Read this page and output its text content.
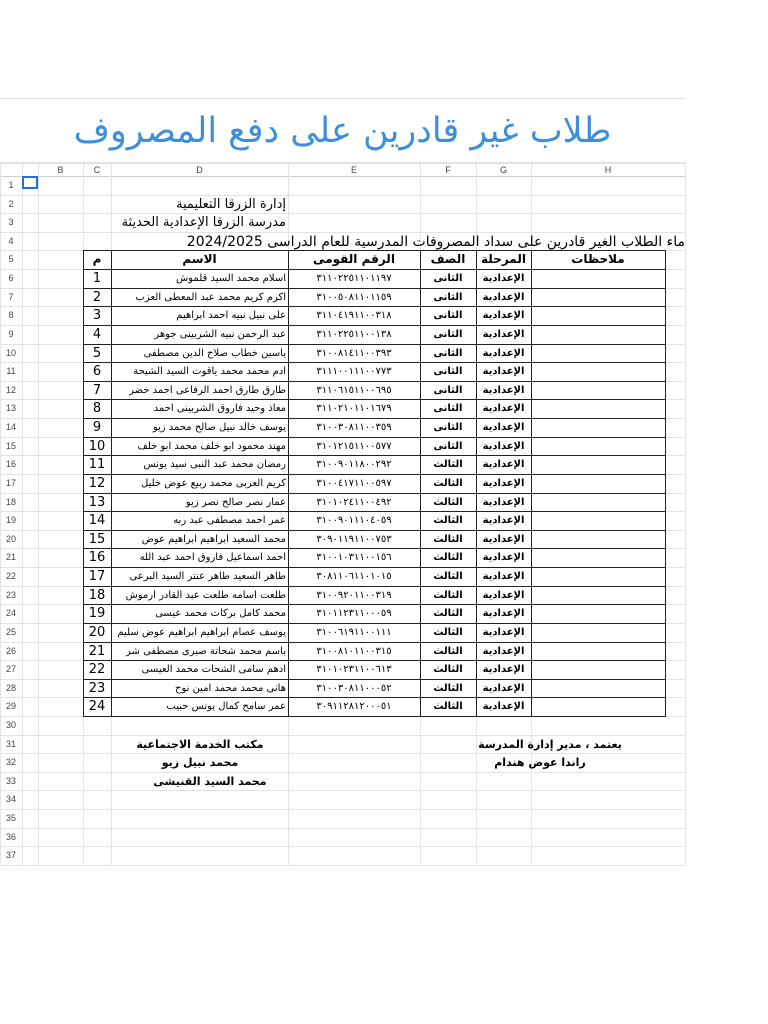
طلاب غير قادرين على دفع المصروف
B	C	D	E	F	G	H
1
2
3
4
5
6
7
8
9
10
11
12
13
14
15
16
17
18
19
20
21
22
23
24
25
26
27
28
29
30
31
32
33
34
35
36
37
إدارة الزرقا التعليمية
مدرسة الزرقا الإعدادية الحديثة
ماء الطلاب الغير قادرين على سداد المصروفات المدرسية للعام الدراسى 2024/2025
م	الاسم	الرقم القومى	الصف	المرحلة	ملاحظات
1	اسلام محمد السيد قلموش	٣١١٠٢٢٥١١٠١١٩٧	الثانى	الإعدادية
2	اكرم كريم محمد عبد المعطى العزب	٣١٠٠٥٠٨١١٠١١٥٩	الثانى	الإعدادية
3	على نبيل نبيه احمد ابراهيم	٣١١٠٤١٩١١٠٠٣١٨	الثانى	الإعدادية
4	عبد الرحمن نبيه الشربينى جوهر	٣١١٠٢٢٥١١٠٠١٣٨	الثانى	الإعدادية
5	ياسين خطاب صلاح الدين مصطفى	٣١٠٠٨١٤١١٠٠٣٩٣	الثانى	الإعدادية
6	ادم محمد محمد ياقوت السيد الشيحة	٣١١١٠٠١١١٠٠٧٧٣	الثانى	الإعدادية
7	طارق طارق احمد الرفاعى احمد خضر	٣١١٠٦١٥١١٠٠٦٩٥	الثانى	الإعدادية
8	معاذ وحيد فاروق الشربينى احمد	٣١١٠٢١٠١١٠١٦٧٩	الثانى	الإعدادية
9	يوسف خالد نبيل صالح محمد زيو	٣١٠٠٣٠٨١١٠٠٣٥٩	الثانى	الإعدادية
10	مهند محمود ابو خلف محمد ابو خلف	٣١٠١٢١٥١١٠٠٥٧٧	الثانى	الإعدادية
11	رمضان محمد عبد النبى سيد يونس	٣١٠٠٩٠١١٨٠٠٢٩٢	الثالث	الإعدادية
12	كريم العربى محمد ربيع عوض خليل	٣١٠٠٤١٧١١٠٠٥٩٧	الثالث	الإعدادية
13	عمار نصر صالح نصر زيو	٣١٠١٠٢٤١١٠٠٤٩٢	الثالث	الإعدادية
14	عمر احمد مصطفى عبد ربه	٣١٠٠٩٠١١١٠٤٠٥٩	الثالث	الإعدادية
15	محمد السعيد ابراهيم ابراهيم عوض	٣٠٩٠١١٩١١٠٠٧٥٣	الثالث	الإعدادية
16	احمد اسماعيل فاروق احمد عبد الله	٣١٠٠١٠٣١١٠٠١٥٦	الثالث	الإعدادية
17	طاهر السعيد طاهر عنتر السيد البرعى	٣٠٨١١٠٦١١٠١٠١٥	الثالث	الإعدادية
18	طلعت اسامه طلعت عبد القادر ارموش	٣١٠٠٩٢٠١١٠٠٣١٩	الثالث	الإعدادية
19	محمد كامل بركات محمد عيسى	٣١٠١١٢٣١١٠٠٠٥٩	الثالث	الإعدادية
20	يوسف عصام ابراهيم ابراهيم عوض سليم	٣١٠٠٦١٩١١٠٠١١١	الثالث	الإعدادية
21	باسم محمد شحاتة صبرى مصطفى شر	٣١٠٠٨١٠١١٠٠٣١٥	الثالث	الإعدادية
22	ادهم سامى الشحات محمد العيسى	٣١٠١٠٢٣١١٠٠٦١٣	الثالث	الإعدادية
23	هانى محمد محمد امين نوح	٣١٠٠٣٠٨١١٠٠٠٥٢	الثالث	الإعدادية
24	عمر سامح كمال يونس حبيب	٣٠٩١١٢٨١٢٠٠٠٥١	الثالث	الإعدادية
مكتب الخدمة الاجتماعية
محمد نبيل زيو
محمد السيد القنيشى
يعتمد ، مدير إدارة المدرسة
راندا عوض هندام
